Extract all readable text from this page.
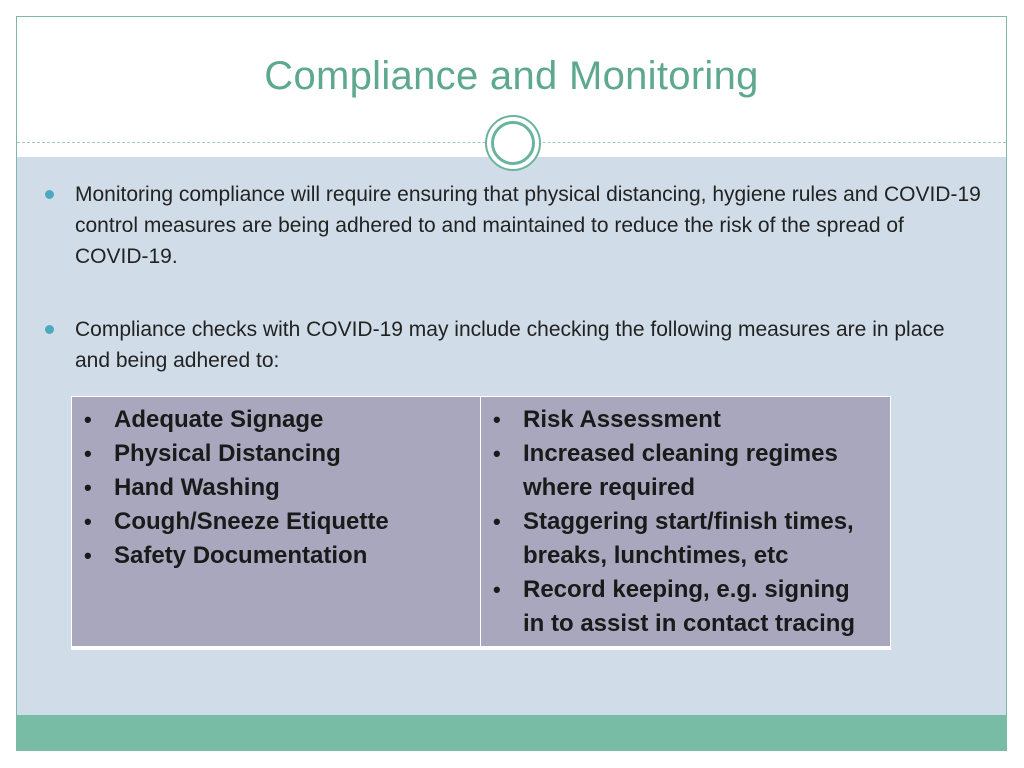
Compliance and Monitoring
Monitoring compliance will require ensuring that physical distancing, hygiene rules and COVID-19 control measures are being adhered to and maintained to reduce the risk of the spread of COVID-19.
Compliance checks with COVID-19 may include checking the following measures are in place and being adhered to:
• Adequate Signage
• Physical Distancing
• Hand Washing
• Cough/Sneeze Etiquette
• Safety Documentation

• Risk Assessment
• Increased cleaning regimes where required
• Staggering start/finish times, breaks, lunchtimes, etc
• Record keeping, e.g. signing in to assist in contact tracing
